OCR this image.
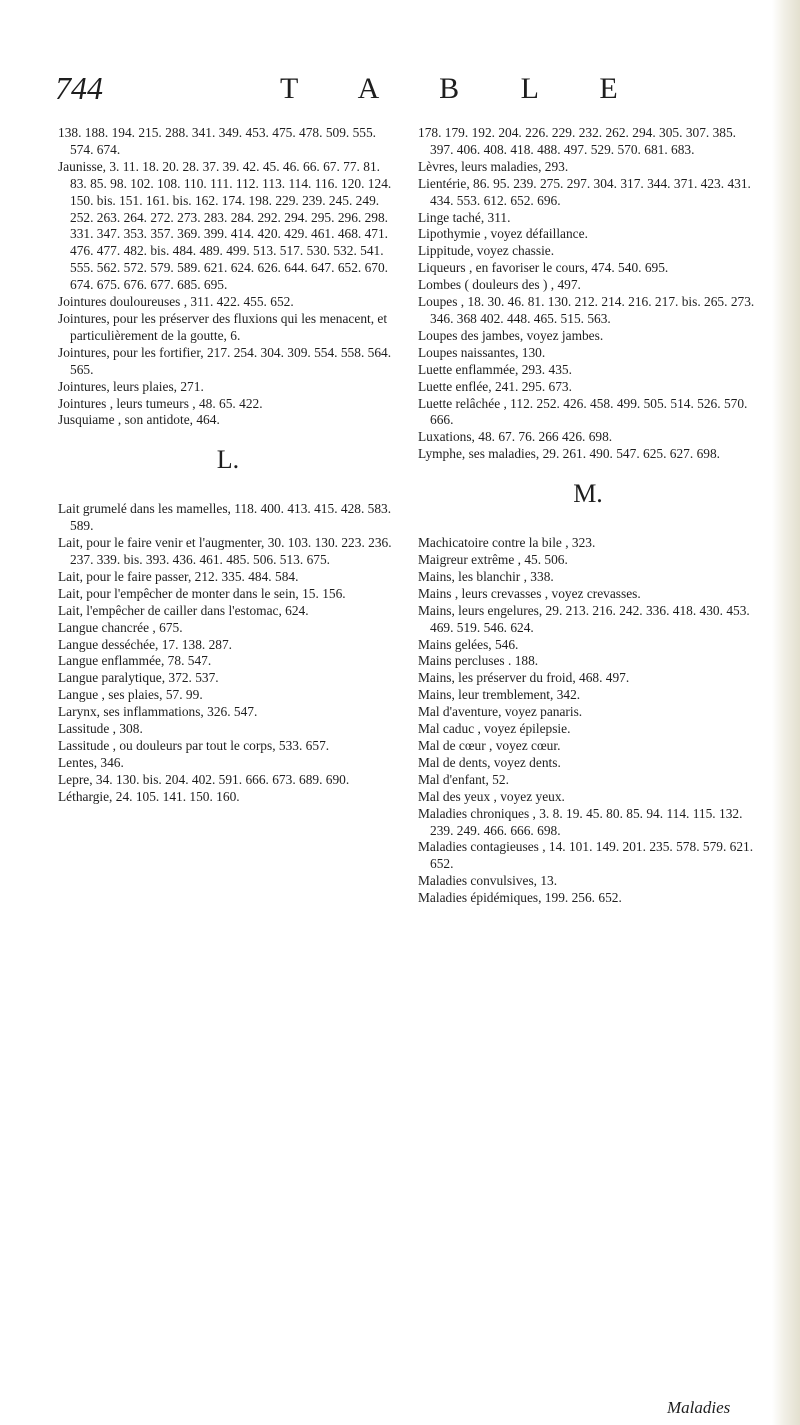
744	T A B L E

138. 188. 194. 215. 288. 341. 349. 453. 475. 478. 509. 555. 574. 674.

Jaunisse, 3. 11. 18. 20. 28. 37. 39. 42. 45. 46. 66. 67. 77. 81. 83. 85. 98. 102. 108. 110. 111. 112. 113. 114. 116. 120. 124. 150. bis. 151. 161. bis. 162. 174. 198. 229. 239. 245. 249. 252. 263. 264. 272. 273. 283. 284. 292. 294. 295. 296. 298. 331. 347. 353. 357. 369. 399. 414. 420. 429. 461. 468. 471. 476. 477. 482. bis. 484. 489. 499. 513. 517. 530. 532. 541. 555. 562. 572. 579. 589. 621. 624. 626. 644. 647. 652. 670. 674. 675. 676. 677. 685. 695.

Jointures douloureuses , 311. 422. 455. 652.

Jointures, pour les préserver des fluxions qui les menacent, et particulièrement de la goutte, 6.

Jointures, pour les fortifier, 217. 254. 304. 309. 554. 558. 564. 565.

Jointures, leurs plaies, 271.

Jointures , leurs tumeurs , 48. 65. 422.

Jusquiame , son antidote, 464.

L.

Lait grumelé dans les mamelles, 118. 400. 413. 415. 428. 583. 589.

Lait, pour le faire venir et l'augmenter, 30. 103. 130. 223. 236. 237. 339. bis. 393. 436. 461. 485. 506. 513. 675.

Lait, pour le faire passer, 212. 335. 484. 584.

Lait, pour l'empêcher de monter dans le sein, 15. 156.

Lait, l'empêcher de cailler dans l'estomac, 624.

Langue chancrée , 675.

Langue desséchée, 17. 138. 287.

Langue enflammée, 78. 547.

Langue paralytique, 372. 537.

Langue , ses plaies, 57. 99.

Larynx, ses inflammations, 326. 547.

Lassitude , 308.

Lassitude , ou douleurs par tout le corps, 533. 657.

Lentes, 346.

Lepre, 34. 130. bis. 204. 402. 591. 666. 673. 689. 690.

Léthargie, 24. 105. 141. 150. 160.

178. 179. 192. 204. 226. 229. 232. 262. 294. 305. 307. 385. 397. 406. 408. 418. 488. 497. 529. 570. 681. 683.

Lèvres, leurs maladies, 293.

Lientérie, 86. 95. 239. 275. 297. 304. 317. 344. 371. 423. 431. 434. 553. 612. 652. 696.

Linge taché, 311.

Lipothymie , voyez défaillance.

Lippitude, voyez chassie.

Liqueurs , en favoriser le cours, 474. 540. 695.

Lombes ( douleurs des ) , 497.

Loupes , 18. 30. 46. 81. 130. 212. 214. 216. 217. bis. 265. 273. 346. 368 402. 448. 465. 515. 563.

Loupes des jambes, voyez jambes.

Loupes naissantes, 130.

Luette enflammée, 293. 435.

Luette enflée, 241. 295. 673.

Luette relâchée , 112. 252. 426. 458. 499. 505. 514. 526. 570. 666.

Luxations, 48. 67. 76. 266 426. 698.

Lymphe, ses maladies, 29. 261. 490. 547. 625. 627. 698.

M.

Machicatoire contre la bile , 323.

Maigreur extrême , 45. 506.

Mains, les blanchir , 338.

Mains , leurs crevasses , voyez crevasses.

Mains, leurs engelures, 29. 213. 216. 242. 336. 418. 430. 453. 469. 519. 546. 624.

Mains gelées, 546.

Mains percluses . 188.

Mains, les préserver du froid, 468. 497.

Mains, leur tremblement, 342.

Mal d'aventure, voyez panaris.

Mal caduc , voyez épilepsie.

Mal de cœur , voyez cœur.

Mal de dents, voyez dents.

Mal d'enfant, 52.

Mal des yeux , voyez yeux.

Maladies chroniques , 3. 8. 19. 45. 80. 85. 94. 114. 115. 132. 239. 249. 466. 666. 698.

Maladies contagieuses , 14. 101. 149. 201. 235. 578. 579. 621. 652.

Maladies convulsives, 13.

Maladies épidémiques, 199. 256. 652.

Maladies
